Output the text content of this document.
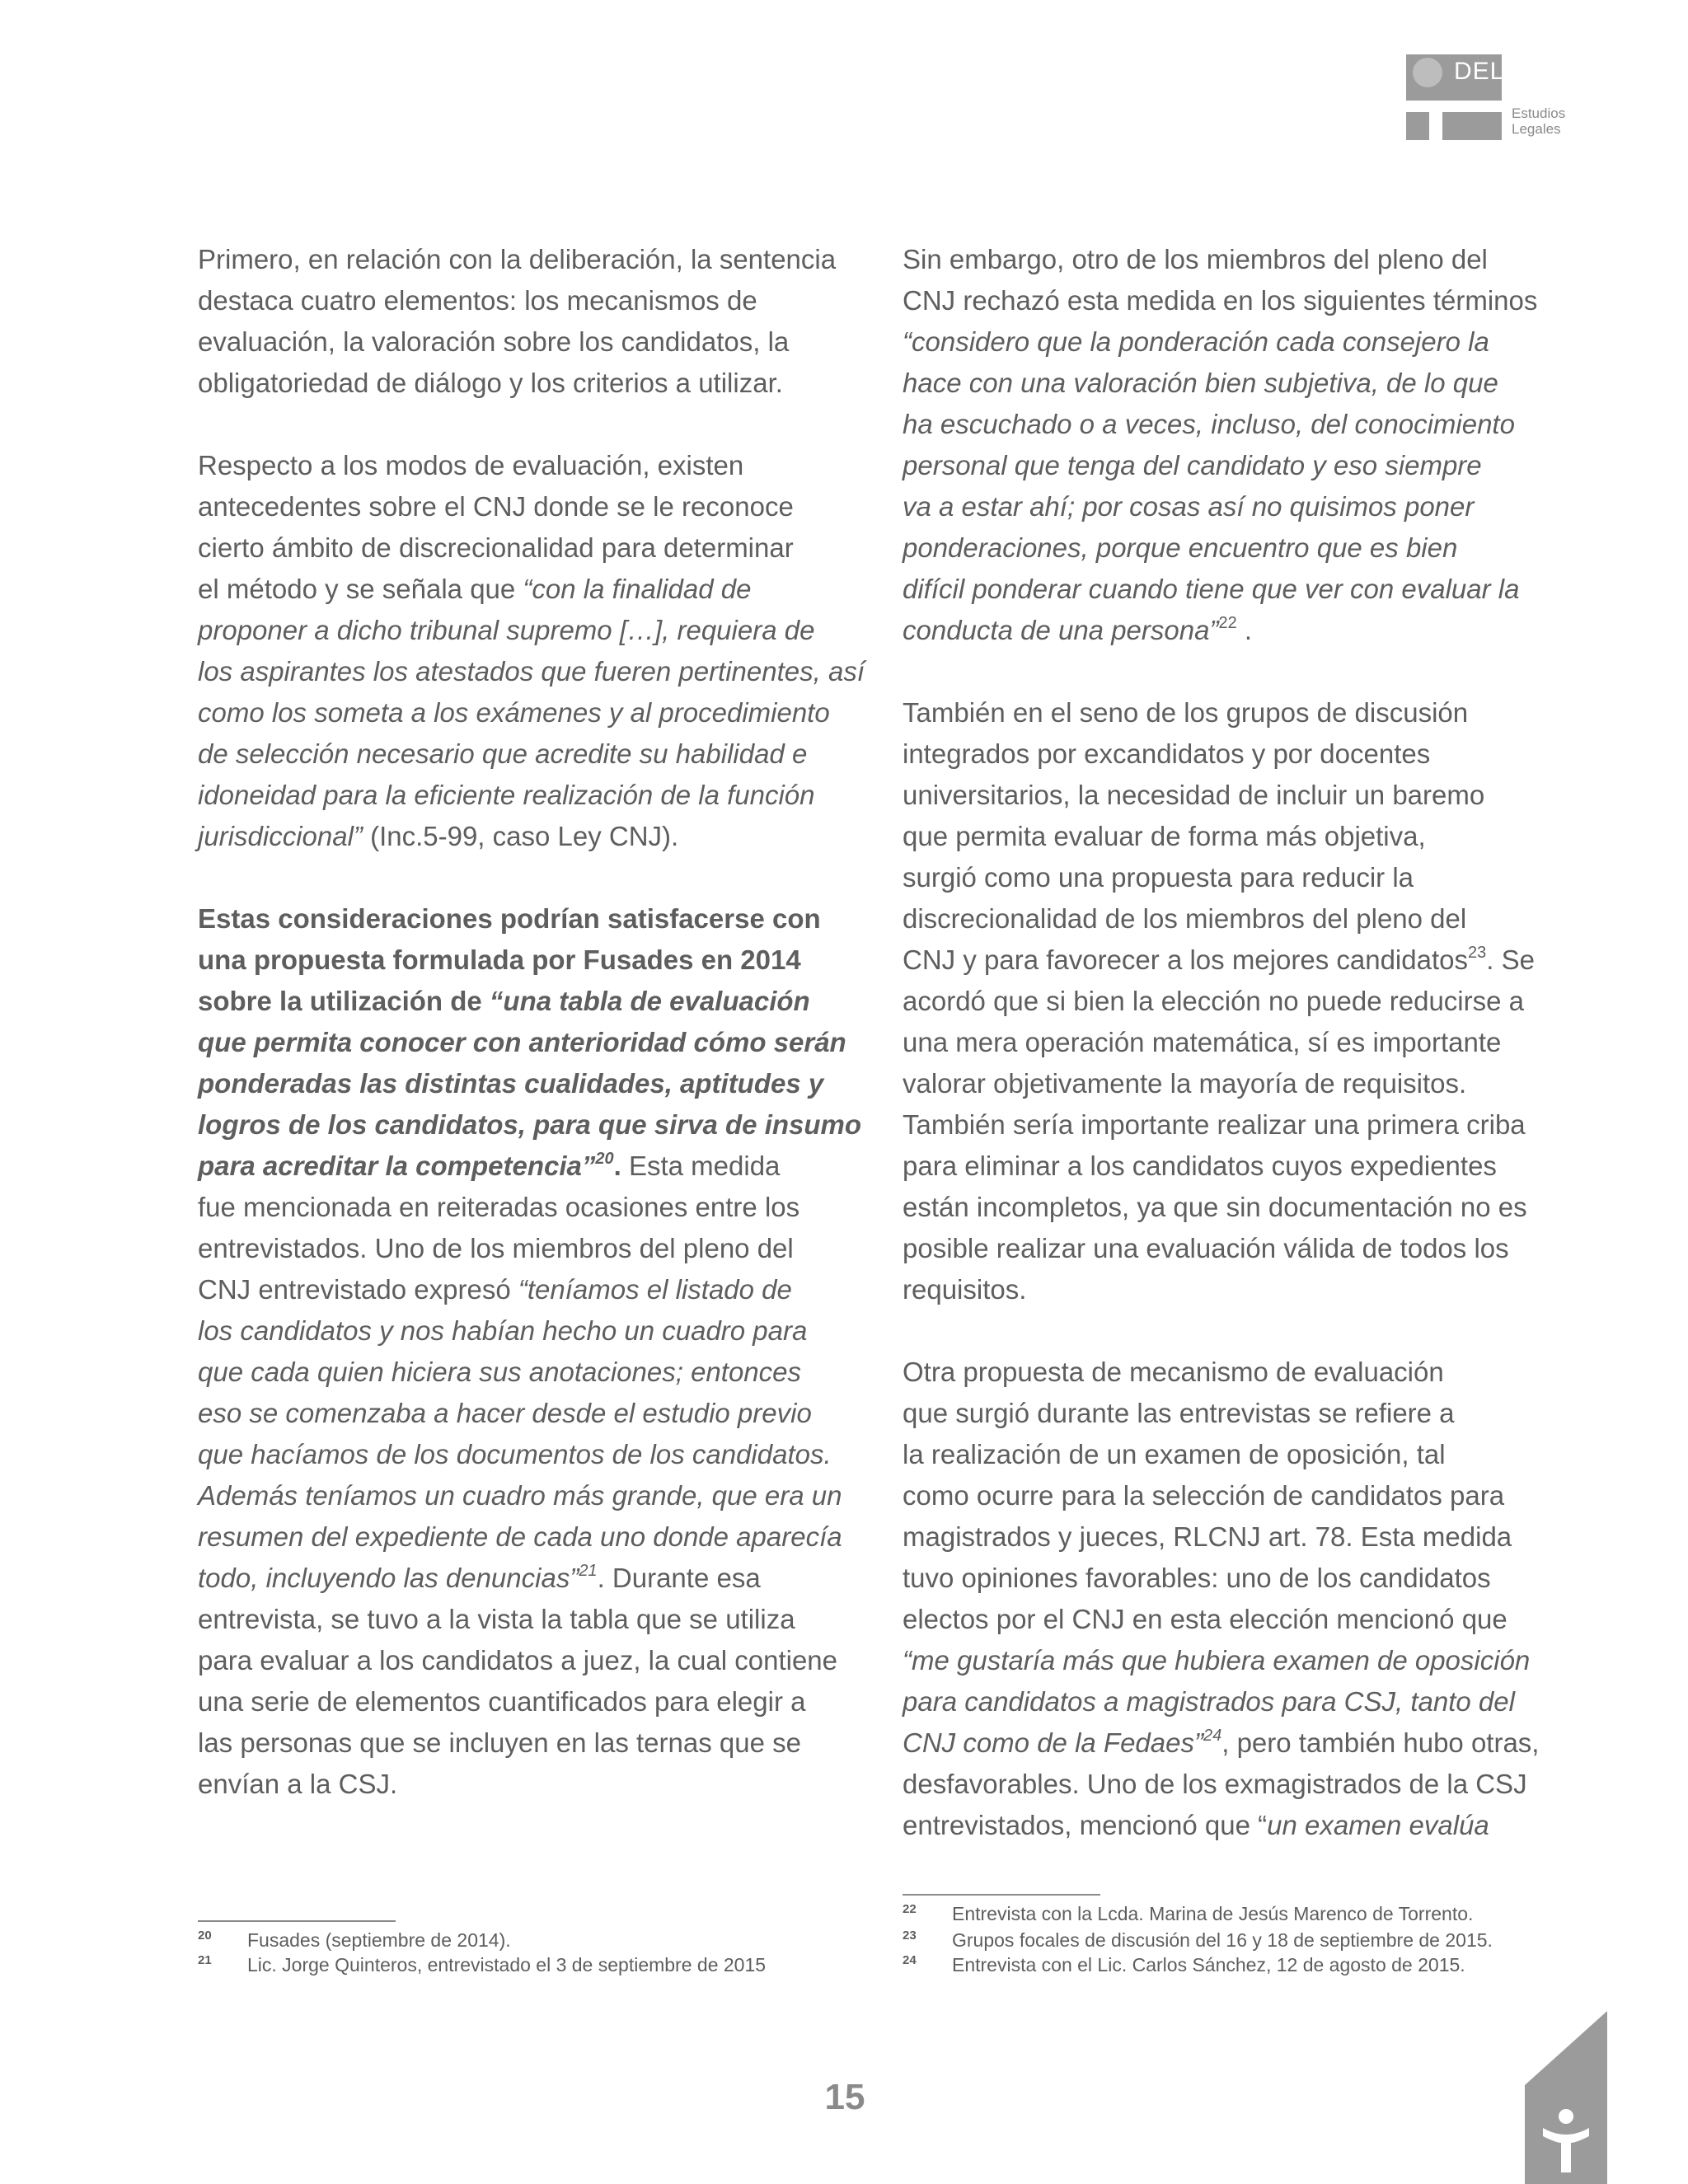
DEL
Estudios
Legales

Primero, en relación con la deliberación, la sentencia
destaca cuatro elementos: los mecanismos de
evaluación, la valoración sobre los candidatos, la
obligatoriedad de diálogo y los criterios a utilizar.

Respecto a los modos de evaluación, existen
antecedentes sobre el CNJ donde se le reconoce
cierto ámbito de discrecionalidad para determinar
el método y se señala que “con la finalidad de
proponer a dicho tribunal supremo […], requiera de
los aspirantes los atestados que fueren pertinentes, así
como los someta a los exámenes y al procedimiento
de selección necesario que acredite su habilidad e
idoneidad para la eficiente realización de la función
jurisdiccional” (Inc.5-99, caso Ley CNJ).

Estas consideraciones podrían satisfacerse con
una propuesta formulada por Fusades en 2014
sobre la utilización de “una tabla de evaluación
que permita conocer con anterioridad cómo serán
ponderadas las distintas cualidades, aptitudes y
logros de los candidatos, para que sirva de insumo
para acreditar la competencia”$^{20}$. Esta medida
fue mencionada en reiteradas ocasiones entre los
entrevistados. Uno de los miembros del pleno del
CNJ entrevistado expresó “teníamos el listado de
los candidatos y nos habían hecho un cuadro para
que cada quien hiciera sus anotaciones; entonces
eso se comenzaba a hacer desde el estudio previo
que hacíamos de los documentos de los candidatos.
Además teníamos un cuadro más grande, que era un
resumen del expediente de cada uno donde aparecía
todo, incluyendo las denuncias”$^{21}$. Durante esa
entrevista, se tuvo a la vista la tabla que se utiliza
para evaluar a los candidatos a juez, la cual contiene
una serie de elementos cuantificados para elegir a
las personas que se incluyen en las ternas que se
envían a la CSJ.

Sin embargo, otro de los miembros del pleno del
CNJ rechazó esta medida en los siguientes términos
“considero que la ponderación cada consejero la
hace con una valoración bien subjetiva, de lo que
ha escuchado o a veces, incluso, del conocimiento
personal que tenga del candidato y eso siempre
va a estar ahí; por cosas así no quisimos poner
ponderaciones, porque encuentro que es bien
difícil ponderar cuando tiene que ver con evaluar la
conducta de una persona”$^{22}$ .

También en el seno de los grupos de discusión
integrados por excandidatos y por docentes
universitarios, la necesidad de incluir un baremo
que permita evaluar de forma más objetiva,
surgió como una propuesta para reducir la
discrecionalidad de los miembros del pleno del
CNJ y para favorecer a los mejores candidatos$^{23}$. Se
acordó que si bien la elección no puede reducirse a
una mera operación matemática, sí es importante
valorar objetivamente la mayoría de requisitos.
También sería importante realizar una primera criba
para eliminar a los candidatos cuyos expedientes
están incompletos, ya que sin documentación no es
posible realizar una evaluación válida de todos los
requisitos.

Otra propuesta de mecanismo de evaluación
que surgió durante las entrevistas se refiere a
la realización de un examen de oposición, tal
como ocurre para la selección de candidatos para
magistrados y jueces, RLCNJ art. 78. Esta medida
tuvo opiniones favorables: uno de los candidatos
electos por el CNJ en esta elección mencionó que
“me gustaría más que hubiera examen de oposición
para candidatos a magistrados para CSJ, tanto del
CNJ como de la Fedaes”$^{24}$, pero también hubo otras,
desfavorables. Uno de los exmagistrados de la CSJ
entrevistados, mencionó que “un examen evalúa

20 Fusades (septiembre de 2014).
21 Lic. Jorge Quinteros, entrevistado el 3 de septiembre de 2015
22 Entrevista con la Lcda. Marina de Jesús Marenco de Torrento.
23 Grupos focales de discusión del 16 y 18 de septiembre de 2015.
24 Entrevista con el Lic. Carlos Sánchez, 12 de agosto de 2015.
15
